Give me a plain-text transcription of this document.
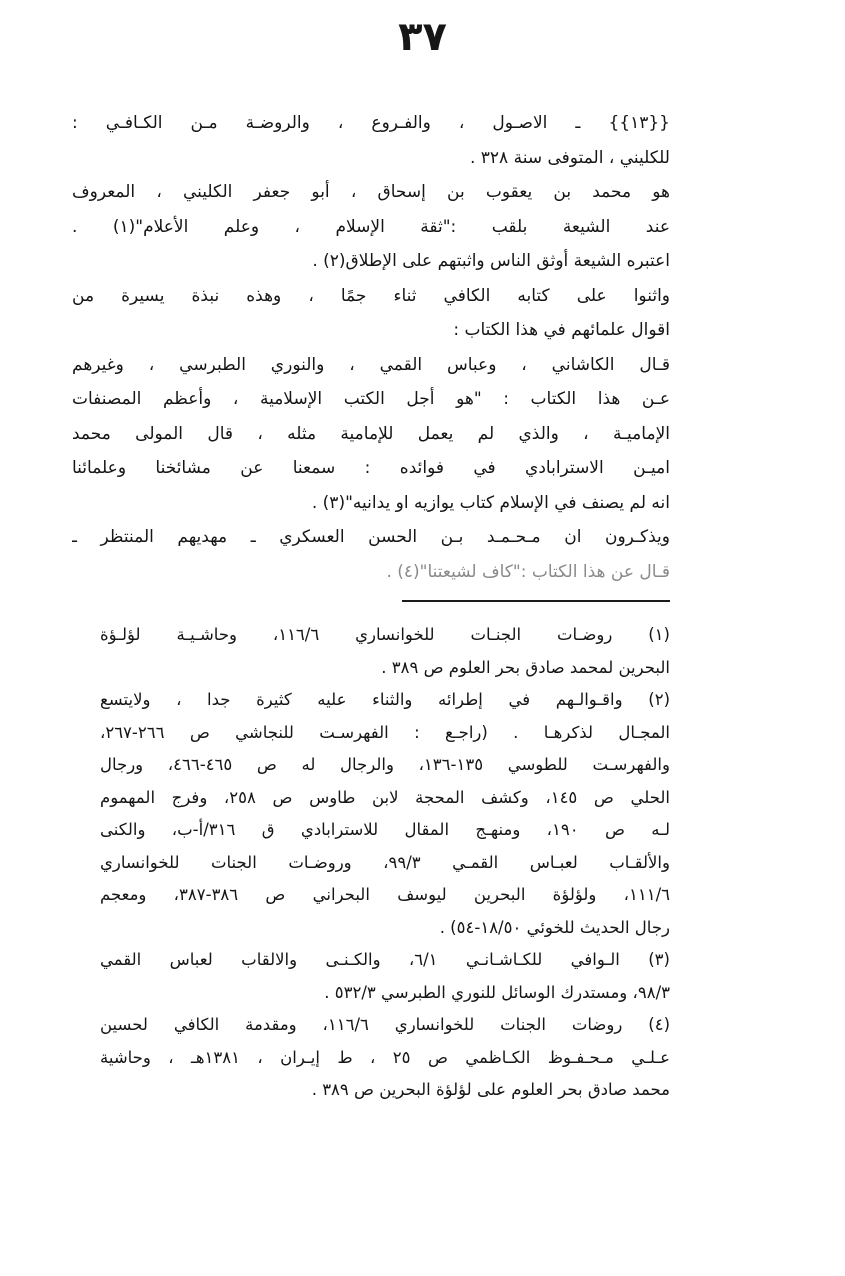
٣٧
{{١٣}} ـ الاصـول ، والفـروع ، والروضـة مـن الكـافـي :
للكليني ، المتوفى سنة ٣٢٨ .
هو محمد بن يعقوب بن إسحاق ، أبو جعفر الكليني ، المعروف
عند الشيعة بلقب :"ثقة الإسلام ، وعلم الأعلام"(١) .
اعتبره الشيعة أوثق الناس واثبتهم على الإطلاق(٢) .
واثنوا على كتابه الكافي ثناء جمًا ، وهذه نبذة يسيرة من
اقوال علمائهم في هذا الكتاب :
قـال الكاشاني ، وعباس القمي ، والنوري الطبرسي ، وغيرهم
عـن هذا الكتاب : "هو أجل الكتب الإسلامية ، وأعظم المصنفات
الإماميـة ، والذي لم يعمل للإمامية مثله ، قال المولى محمد
اميـن الاسترابادي في فوائده : سمعنا عن مشائخنا وعلمائنا
انه لم يصنف في الإسلام كتاب يوازيه او يدانيه"(٣) .
ويذكـرون ان مـحـمـد بـن الحسن العسكري ـ مهديهم المنتظر ـ
قـال عن هذا الكتاب :"كاف لشيعتنا"(٤) .
(١) روضـات الجنـات للخوانساري ١١٦/٦، وحاشـيـة لؤلـؤة
البحرين لمحمد صادق بحر العلوم ص ٣٨٩ .
(٢) واقـوالـهم في إطرائه والثناء عليه كثيرة جدا ، ولايتسع
المجـال لذكرهـا . (راجـع : الفهرسـت للنجاشي ص ٢٦٦-٢٦٧،
والفهرسـت للطوسي ١٣٥-١٣٦، والرجال له ص ٤٦٥-٤٦٦، ورجال
الحلي ص ١٤٥، وكشف المحجة لابن طاوس ص ٢٥٨، وفرج المهموم
لـه ص ١٩٠، ومنهـج المقال للاسترابادي ق ٣١٦/أ-ب، والكنى
والألقـاب لعبـاس القمـي ٩٩/٣، وروضـات الجنات للخوانساري
١١١/٦، ولؤلؤة البحرين ليوسف البحراني ص ٣٨٦-٣٨٧، ومعجم
رجال الحديث للخوئي ١٨/٥٠-٥٤) .
(٣) الـوافي للكـاشـانـي ٦/١، والكـنـى والالقاب لعباس القمي
٩٨/٣، ومستدرك الوسائل للنوري الطبرسي ٥٣٢/٣ .
(٤) روضات الجنات للخوانساري ١١٦/٦، ومقدمة الكافي لحسين
عـلـي مـحـفـوظ الكـاظمي ص ٢٥ ، ط إيـران ، ١٣٨١هـ ، وحاشية
محمد صادق بحر العلوم على لؤلؤة البحرين ص ٣٨٩ .
